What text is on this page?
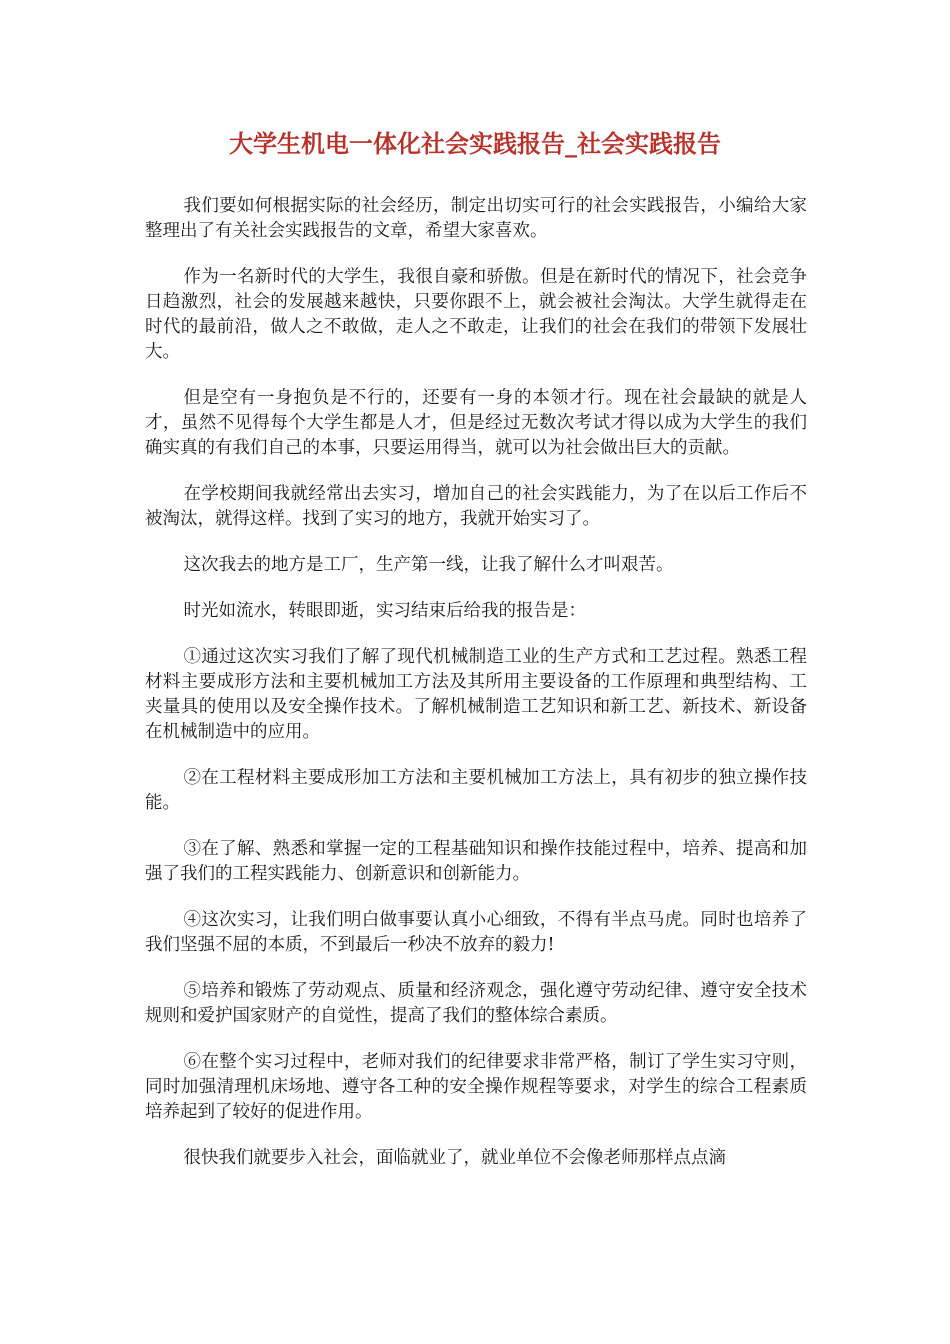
大学生机电一体化社会实践报告_社会实践报告

我们要如何根据实际的社会经历，制定出切实可行的社会实践报告，小编给大家整理出了有关社会实践报告的文章，希望大家喜欢。

作为一名新时代的大学生，我很自豪和骄傲。但是在新时代的情况下，社会竞争日趋激烈，社会的发展越来越快，只要你跟不上，就会被社会淘汰。大学生就得走在时代的最前沿，做人之不敢做，走人之不敢走，让我们的社会在我们的带领下发展壮大。

但是空有一身抱负是不行的，还要有一身的本领才行。现在社会最缺的就是人才，虽然不见得每个大学生都是人才，但是经过无数次考试才得以成为大学生的我们确实真的有我们自己的本事，只要运用得当，就可以为社会做出巨大的贡献。

在学校期间我就经常出去实习，增加自己的社会实践能力，为了在以后工作后不被淘汰，就得这样。找到了实习的地方，我就开始实习了。

这次我去的地方是工厂，生产第一线，让我了解什么才叫艰苦。

时光如流水，转眼即逝，实习结束后给我的报告是：

①通过这次实习我们了解了现代机械制造工业的生产方式和工艺过程。熟悉工程材料主要成形方法和主要机械加工方法及其所用主要设备的工作原理和典型结构、工夹量具的使用以及安全操作技术。了解机械制造工艺知识和新工艺、新技术、新设备在机械制造中的应用。

②在工程材料主要成形加工方法和主要机械加工方法上，具有初步的独立操作技能。

③在了解、熟悉和掌握一定的工程基础知识和操作技能过程中，培养、提高和加强了我们的工程实践能力、创新意识和创新能力。

④这次实习，让我们明白做事要认真小心细致，不得有半点马虎。同时也培养了我们坚强不屈的本质，不到最后一秒决不放弃的毅力!

⑤培养和锻炼了劳动观点、质量和经济观念，强化遵守劳动纪律、遵守安全技术规则和爱护国家财产的自觉性，提高了我们的整体综合素质。

⑥在整个实习过程中，老师对我们的纪律要求非常严格，制订了学生实习守则，同时加强清理机床场地、遵守各工种的安全操作规程等要求，对学生的综合工程素质培养起到了较好的促进作用。

很快我们就要步入社会，面临就业了，就业单位不会像老师那样点点滴
